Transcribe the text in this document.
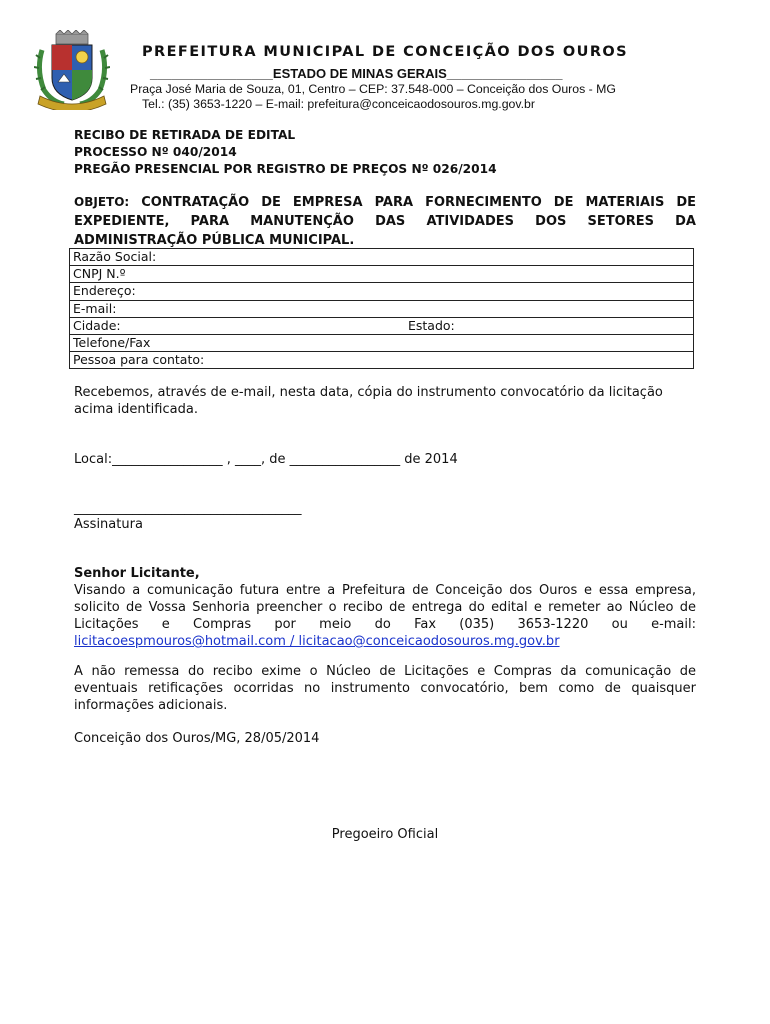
PREFEITURA MUNICIPAL DE CONCEIÇÃO DOS OUROS
_________________ESTADO DE MINAS GERAIS________________
Praça José Maria de Souza, 01, Centro – CEP: 37.548-000 – Conceição dos Ouros - MG
Tel.: (35) 3653-1220 – E-mail: prefeitura@conceicaodosouros.mg.gov.br
RECIBO DE RETIRADA DE EDITAL
PROCESSO Nº 040/2014
PREGÃO PRESENCIAL POR REGISTRO DE PREÇOS Nº 026/2014
OBJETO: CONTRATAÇÃO DE EMPRESA PARA FORNECIMENTO DE MATERIAIS DE EXPEDIENTE, PARA MANUTENÇÃO DAS ATIVIDADES DOS SETORES DA ADMINISTRAÇÃO PÚBLICA MUNICIPAL.
Razão Social:
CNPJ N.º
Endereço:
E-mail:
Cidade:	Estado:
Telefone/Fax
Pessoa para contato:
Recebemos, através de e-mail, nesta data, cópia do instrumento convocatório da licitação acima identificada.
Local:_________________ , ____, de _________________ de 2014
___________________________________
Assinatura
Senhor Licitante,
Visando a comunicação futura entre a Prefeitura de Conceição dos Ouros e essa empresa, solicito de Vossa Senhoria preencher o recibo de entrega do edital e remeter ao Núcleo de Licitações e Compras por meio do Fax (035) 3653-1220 ou e-mail: licitacoespmouros@hotmail.com / licitacao@conceicaodosouros.mg.gov.br
A não remessa do recibo exime o Núcleo de Licitações e Compras da comunicação de eventuais retificações ocorridas no instrumento convocatório, bem como de quaisquer informações adicionais.
Conceição dos Ouros/MG, 28/05/2014
Pregoeiro Oficial
